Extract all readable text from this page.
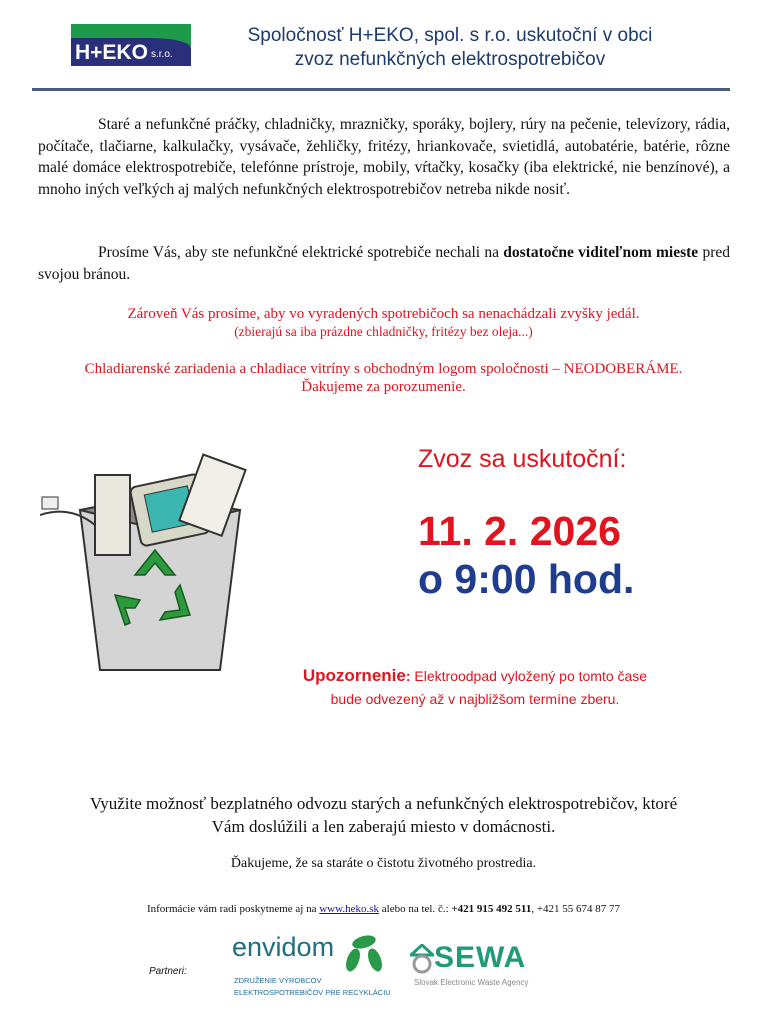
H+EKO s.r.o.
Spoločnosť H+EKO, spol. s r.o. uskutoční v obci
zvoz nefunkčných elektrospotrebičov
Staré a nefunkčné práčky, chladničky, mrazničky, sporáky, bojlery, rúry na pečenie, televízory, rádia, počítače, tlačiarne, kalkulačky, vysávače, žehličky, fritézy, hriankovače, svietidlá, autobatérie, batérie, rôzne malé domáce elektrospotrebiče, telefónne prístroje, mobily, vŕtačky, kosačky (iba elektrické, nie benzínové), a mnoho iných veľkých aj malých nefunkčných elektrospotrebičov netreba nikde nosiť.
Prosíme Vás, aby ste nefunkčné elektrické spotrebiče nechali na dostatočne viditeľnom mieste pred svojou bránou.
Zároveň Vás prosíme, aby vo vyradených spotrebičoch sa nenachádzali zvyšky jedál.
(zbierajú sa iba prázdne chladničky, fritézy bez oleja...)
Chladiarenské zariadenia a chladiace vitríny s obchodným logom spoločnosti – NEODOBERÁME.
Ďakujeme za porozumenie.
Zvoz sa uskutoční:
11. 2. 2026
o 9:00 hod.
Upozornenie: Elektroodpad vyložený po tomto čase
bude odvezený až v najbližšom termíne zberu.
Využite možnosť bezplatného odvozu starých a nefunkčných elektrospotrebičov, ktoré
Vám doslúžili a len zaberajú miesto v domácnosti.
Ďakujeme, že sa staráte o čistotu životného prostredia.
Informácie vám radi poskytneme aj na www.heko.sk alebo na tel. č.: +421 915 492 511, +421 55 674 87 77
Partneri:
envidom
ZDRUŽENIE VÝROBCOV
ELEKTROSPOTREBIČOV PRE RECYKLÁCIU
SEWA
Slovak Electronic Waste Agency
